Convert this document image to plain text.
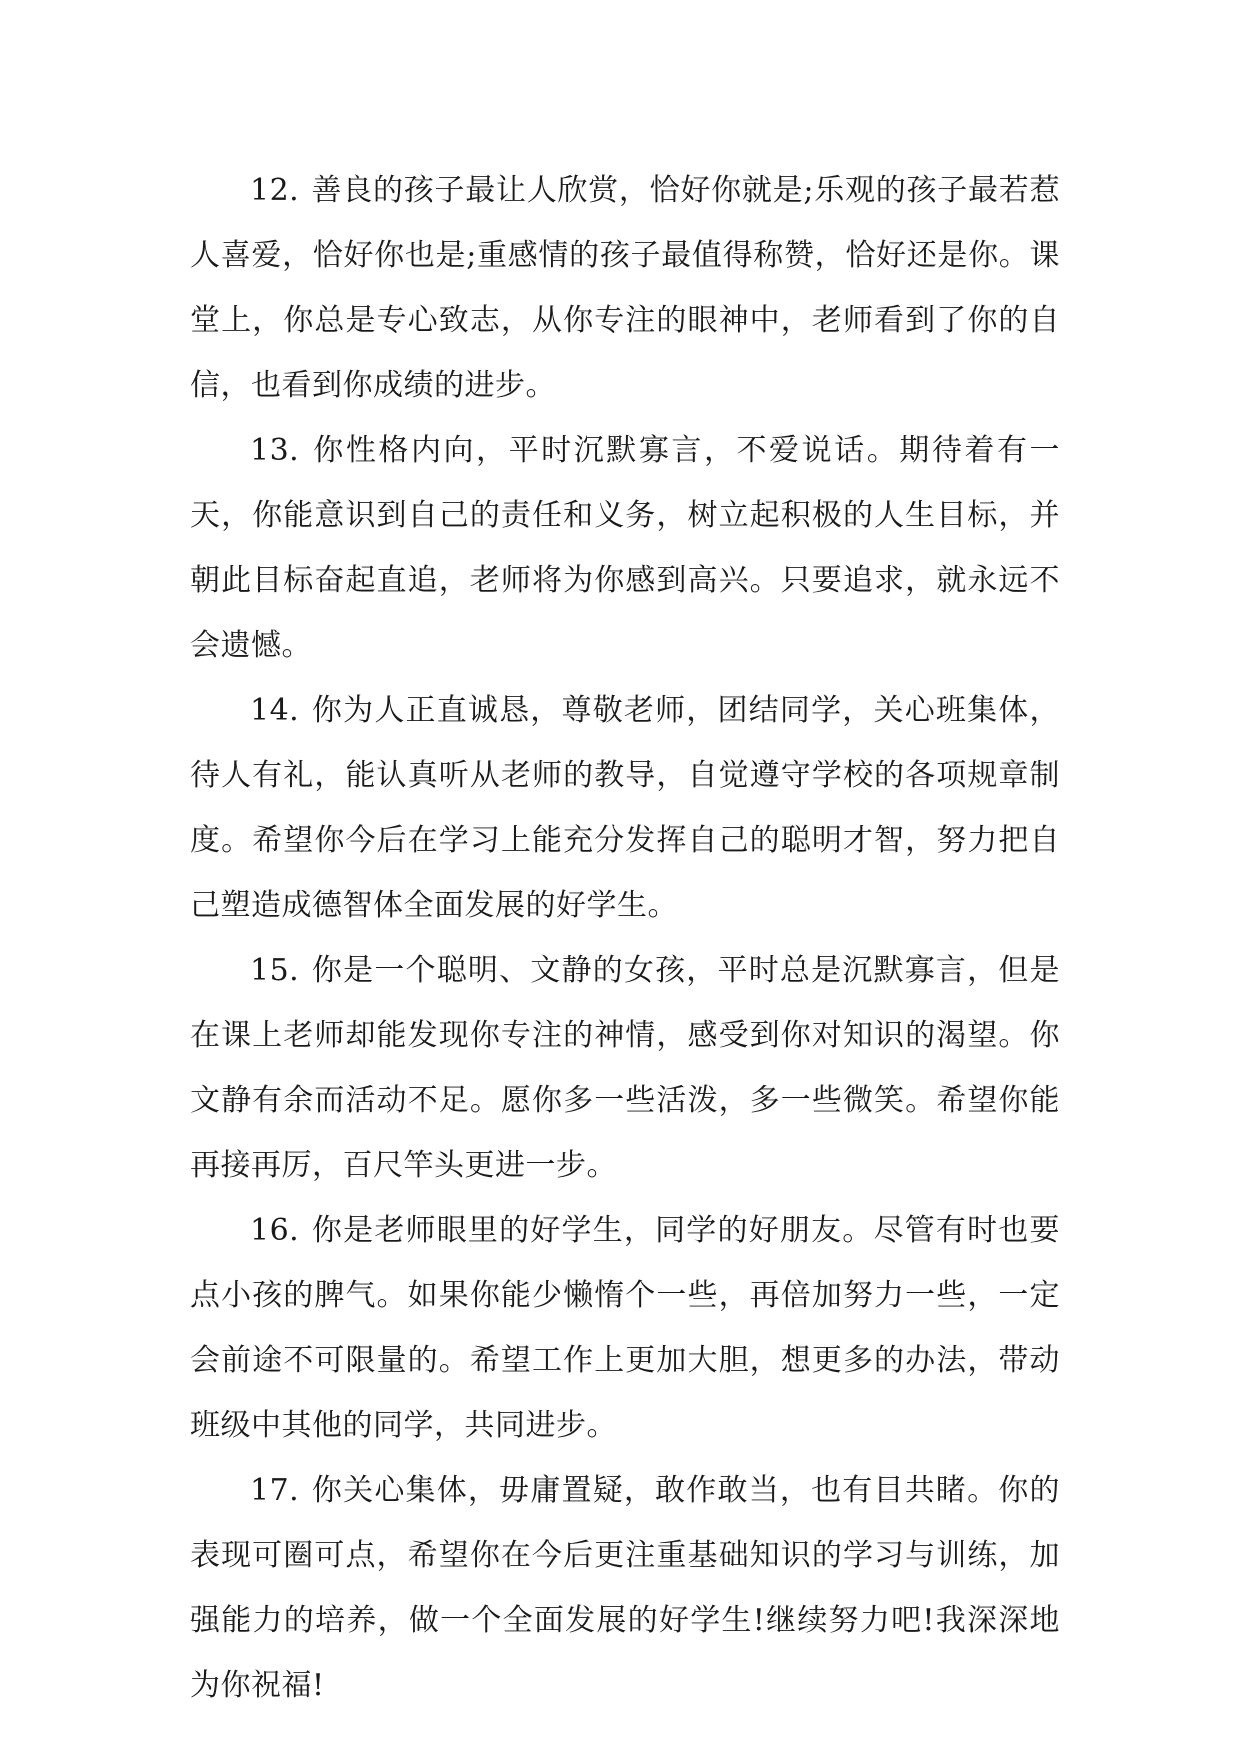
12. 善良的孩子最让人欣赏，恰好你就是;乐观的孩子最若惹人喜爱，恰好你也是;重感情的孩子最值得称赞，恰好还是你。课堂上，你总是专心致志，从你专注的眼神中，老师看到了你的自信，也看到你成绩的进步。

13. 你性格内向，平时沉默寡言，不爱说话。期待着有一天，你能意识到自己的责任和义务，树立起积极的人生目标，并朝此目标奋起直追，老师将为你感到高兴。只要追求，就永远不会遗憾。

14. 你为人正直诚恳，尊敬老师，团结同学，关心班集体，待人有礼，能认真听从老师的教导，自觉遵守学校的各项规章制度。希望你今后在学习上能充分发挥自己的聪明才智，努力把自己塑造成德智体全面发展的好学生。

15. 你是一个聪明、文静的女孩，平时总是沉默寡言，但是在课上老师却能发现你专注的神情，感受到你对知识的渴望。你文静有余而活动不足。愿你多一些活泼，多一些微笑。希望你能再接再厉，百尺竿头更进一步。

16. 你是老师眼里的好学生，同学的好朋友。尽管有时也要点小孩的脾气。如果你能少懒惰个一些，再倍加努力一些，一定会前途不可限量的。希望工作上更加大胆，想更多的办法，带动班级中其他的同学，共同进步。

17. 你关心集体，毋庸置疑，敢作敢当，也有目共睹。你的表现可圈可点，希望你在今后更注重基础知识的学习与训练，加强能力的培养，做一个全面发展的好学生!继续努力吧!我深深地为你祝福!
